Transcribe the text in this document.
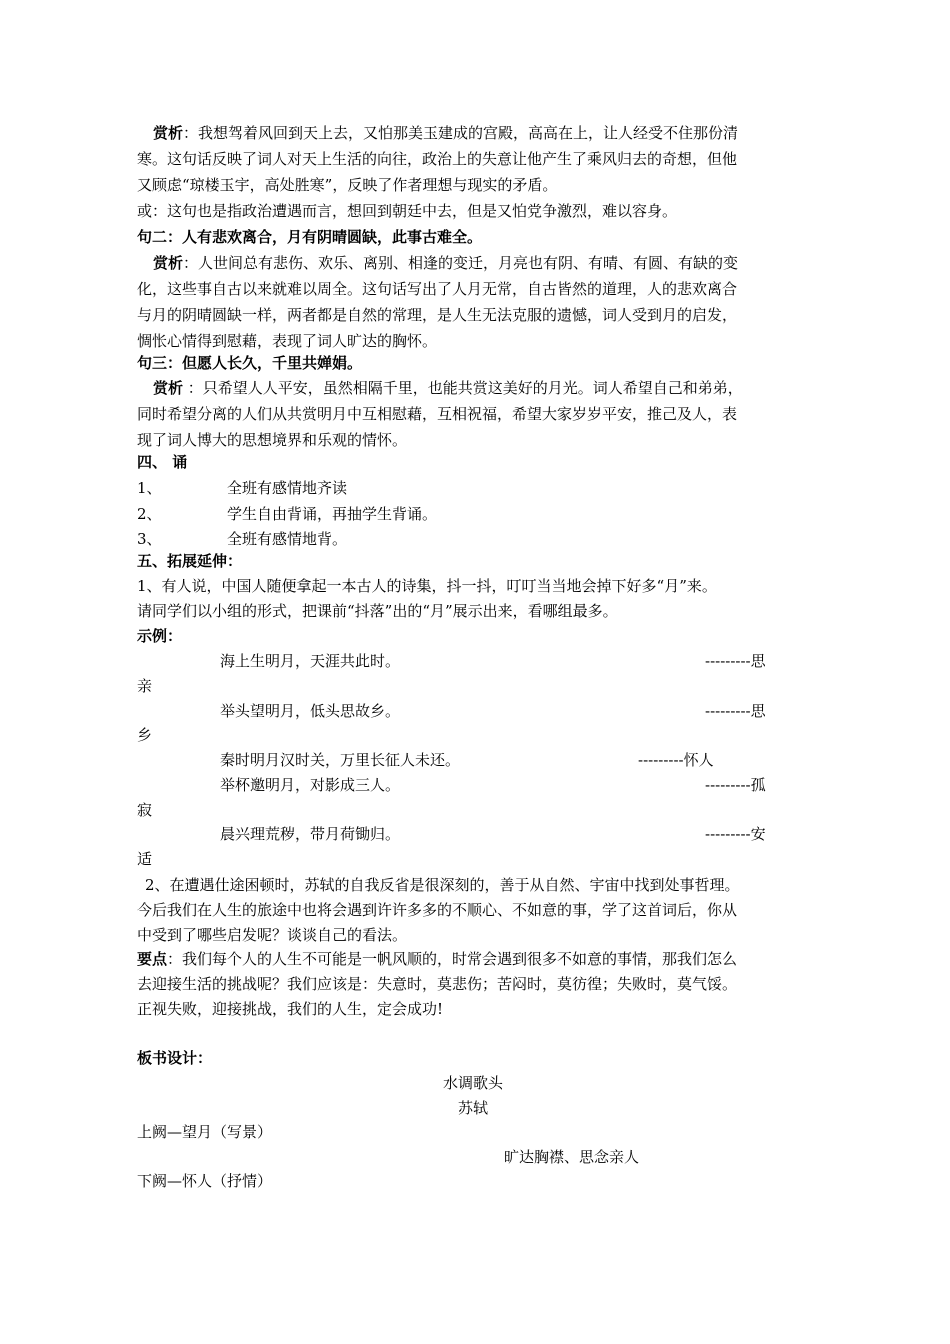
赏析：我想驾着风回到天上去，又怕那美玉建成的宫殿，高高在上，让人经受不住那份清
寒。这句话反映了词人对天上生活的向往，政治上的失意让他产生了乘风归去的奇想，但他
又顾虑“琼楼玉宇，高处胜寒”，反映了作者理想与现实的矛盾。
或：这句也是指政治遭遇而言，想回到朝廷中去，但是又怕党争激烈，难以容身。
句二：人有悲欢离合，月有阴晴圆缺，此事古难全。
赏析：人世间总有悲伤、欢乐、离别、相逢的变迁，月亮也有阴、有晴、有圆、有缺的变
化，这些事自古以来就难以周全。这句话写出了人月无常，自古皆然的道理，人的悲欢离合
与月的阴晴圆缺一样，两者都是自然的常理，是人生无法克服的遗憾，词人受到月的启发，
惆怅心情得到慰藉，表现了词人旷达的胸怀。
句三：但愿人长久，千里共婵娟。
赏析 ：只希望人人平安，虽然相隔千里，也能共赏这美好的月光。词人希望自己和弟弟，
同时希望分离的人们从共赏明月中互相慰藉，互相祝福，希望大家岁岁平安，推己及人，表
现了词人博大的思想境界和乐观的情怀。
四、 诵
1、	全班有感情地齐读
2、	学生自由背诵，再抽学生背诵。
3、	全班有感情地背。
五、拓展延伸：
1、有人说，中国人随便拿起一本古人的诗集，抖一抖，叮叮当当地会掉下好多“月”来。
请同学们以小组的形式，把课前“抖落”出的“月”展示出来，看哪组最多。
示例：
海上生明月，天涯共此时。	---------思
亲
举头望明月，低头思故乡。	---------思
乡
秦时明月汉时关，万里长征人未还。	---------怀人
举杯邀明月，对影成三人。	---------孤
寂
晨兴理荒秽，带月荷锄归。	---------安
适
2、在遭遇仕途困顿时，苏轼的自我反省是很深刻的，善于从自然、宇宙中找到处事哲理。
今后我们在人生的旅途中也将会遇到许许多多的不顺心、不如意的事，学了这首词后，你从
中受到了哪些启发呢？谈谈自己的看法。
要点：我们每个人的人生不可能是一帆风顺的，时常会遇到很多不如意的事情，那我们怎么
去迎接生活的挑战呢？我们应该是：失意时，莫悲伤；苦闷时，莫彷徨；失败时，莫气馁。
正视失败，迎接挑战，我们的人生，定会成功!
板书设计：
水调歌头
苏轼
上阙—望月（写景）
旷达胸襟、思念亲人
下阙—怀人（抒情）
